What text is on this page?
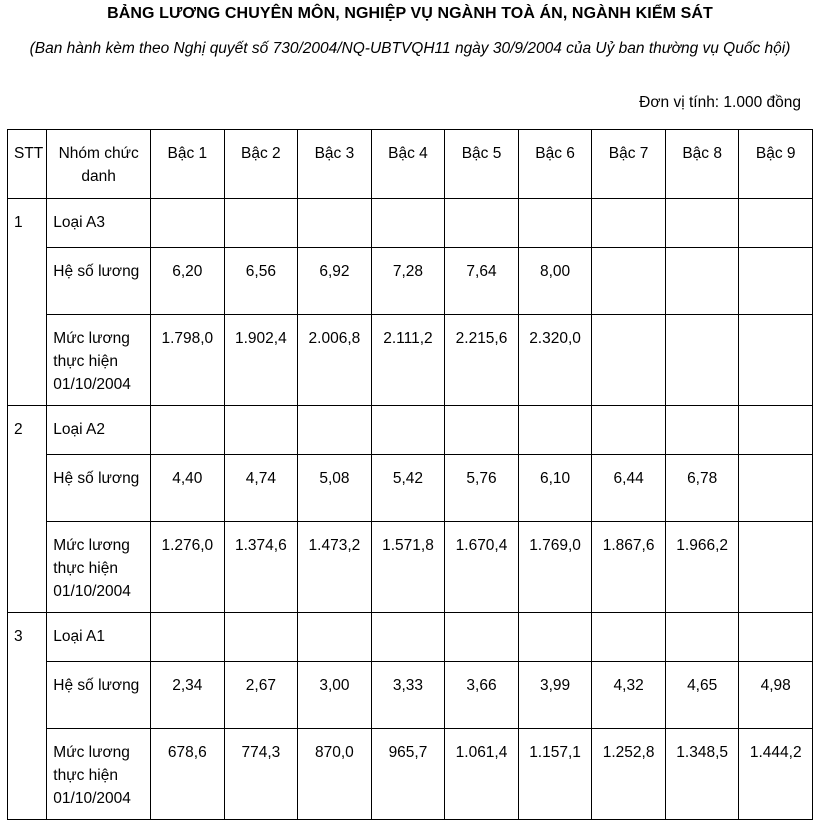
BẢNG LƯƠNG CHUYÊN MÔN, NGHIỆP VỤ NGÀNH TOÀ ÁN, NGÀNH KIỂM SÁT
(Ban hành kèm theo Nghị quyết số 730/2004/NQ-UBTVQH11 ngày 30/9/2004 của Uỷ ban thường vụ Quốc hội)
Đơn vị tính: 1.000 đồng
STT	Nhóm chức danh	Bậc 1	Bậc 2	Bậc 3	Bậc 4	Bậc 5	Bậc 6	Bậc 7	Bậc 8	Bậc 9
1	Loại A3									
	Hệ số lương	6,20	6,56	6,92	7,28	7,64	8,00			
	Mức lương thực hiện 01/10/2004	1.798,0	1.902,4	2.006,8	2.111,2	2.215,6	2.320,0			
2	Loại A2									
	Hệ số lương	4,40	4,74	5,08	5,42	5,76	6,10	6,44	6,78	
	Mức lương thực hiện 01/10/2004	1.276,0	1.374,6	1.473,2	1.571,8	1.670,4	1.769,0	1.867,6	1.966,2	
3	Loại A1									
	Hệ số lương	2,34	2,67	3,00	3,33	3,66	3,99	4,32	4,65	4,98
	Mức lương thực hiện 01/10/2004	678,6	774,3	870,0	965,7	1.061,4	1.157,1	1.252,8	1.348,5	1.444,2
